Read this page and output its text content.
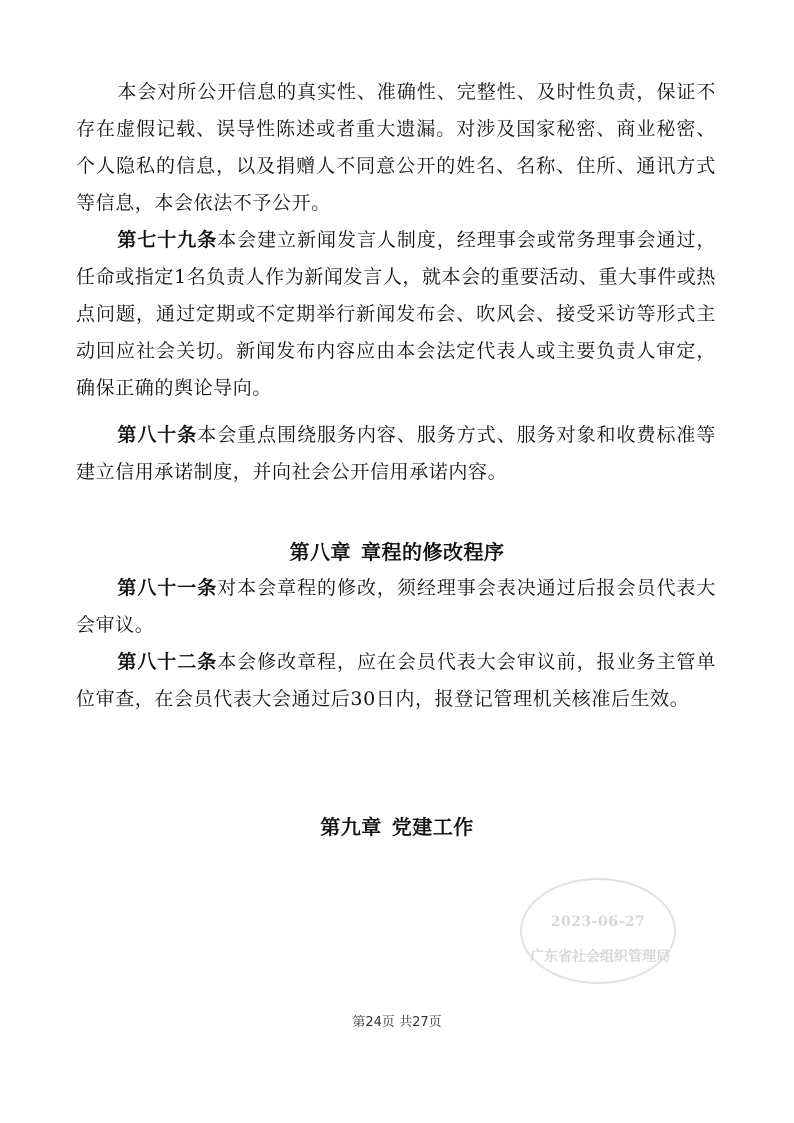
本会对所公开信息的真实性、准确性、完整性、及时性负责，保证不存在虚假记载、误导性陈述或者重大遗漏。对涉及国家秘密、商业秘密、个人隐私的信息，以及捐赠人不同意公开的姓名、名称、住所、通讯方式等信息，本会依法不予公开。

第七十九条本会建立新闻发言人制度，经理事会或常务理事会通过，任命或指定1名负责人作为新闻发言人，就本会的重要活动、重大事件或热点问题，通过定期或不定期举行新闻发布会、吹风会、接受采访等形式主动回应社会关切。新闻发布内容应由本会法定代表人或主要负责人审定，确保正确的舆论导向。

第八十条本会重点围绕服务内容、服务方式、服务对象和收费标准等建立信用承诺制度，并向社会公开信用承诺内容。

第八章 章程的修改程序

第八十一条对本会章程的修改，须经理事会表决通过后报会员代表大会审议。

第八十二条本会修改章程，应在会员代表大会审议前，报业务主管单位审查，在会员代表大会通过后30日内，报登记管理机关核准后生效。

第九章 党建工作
2023-06-27
广东省社会组织管理局
第24页 共27页
